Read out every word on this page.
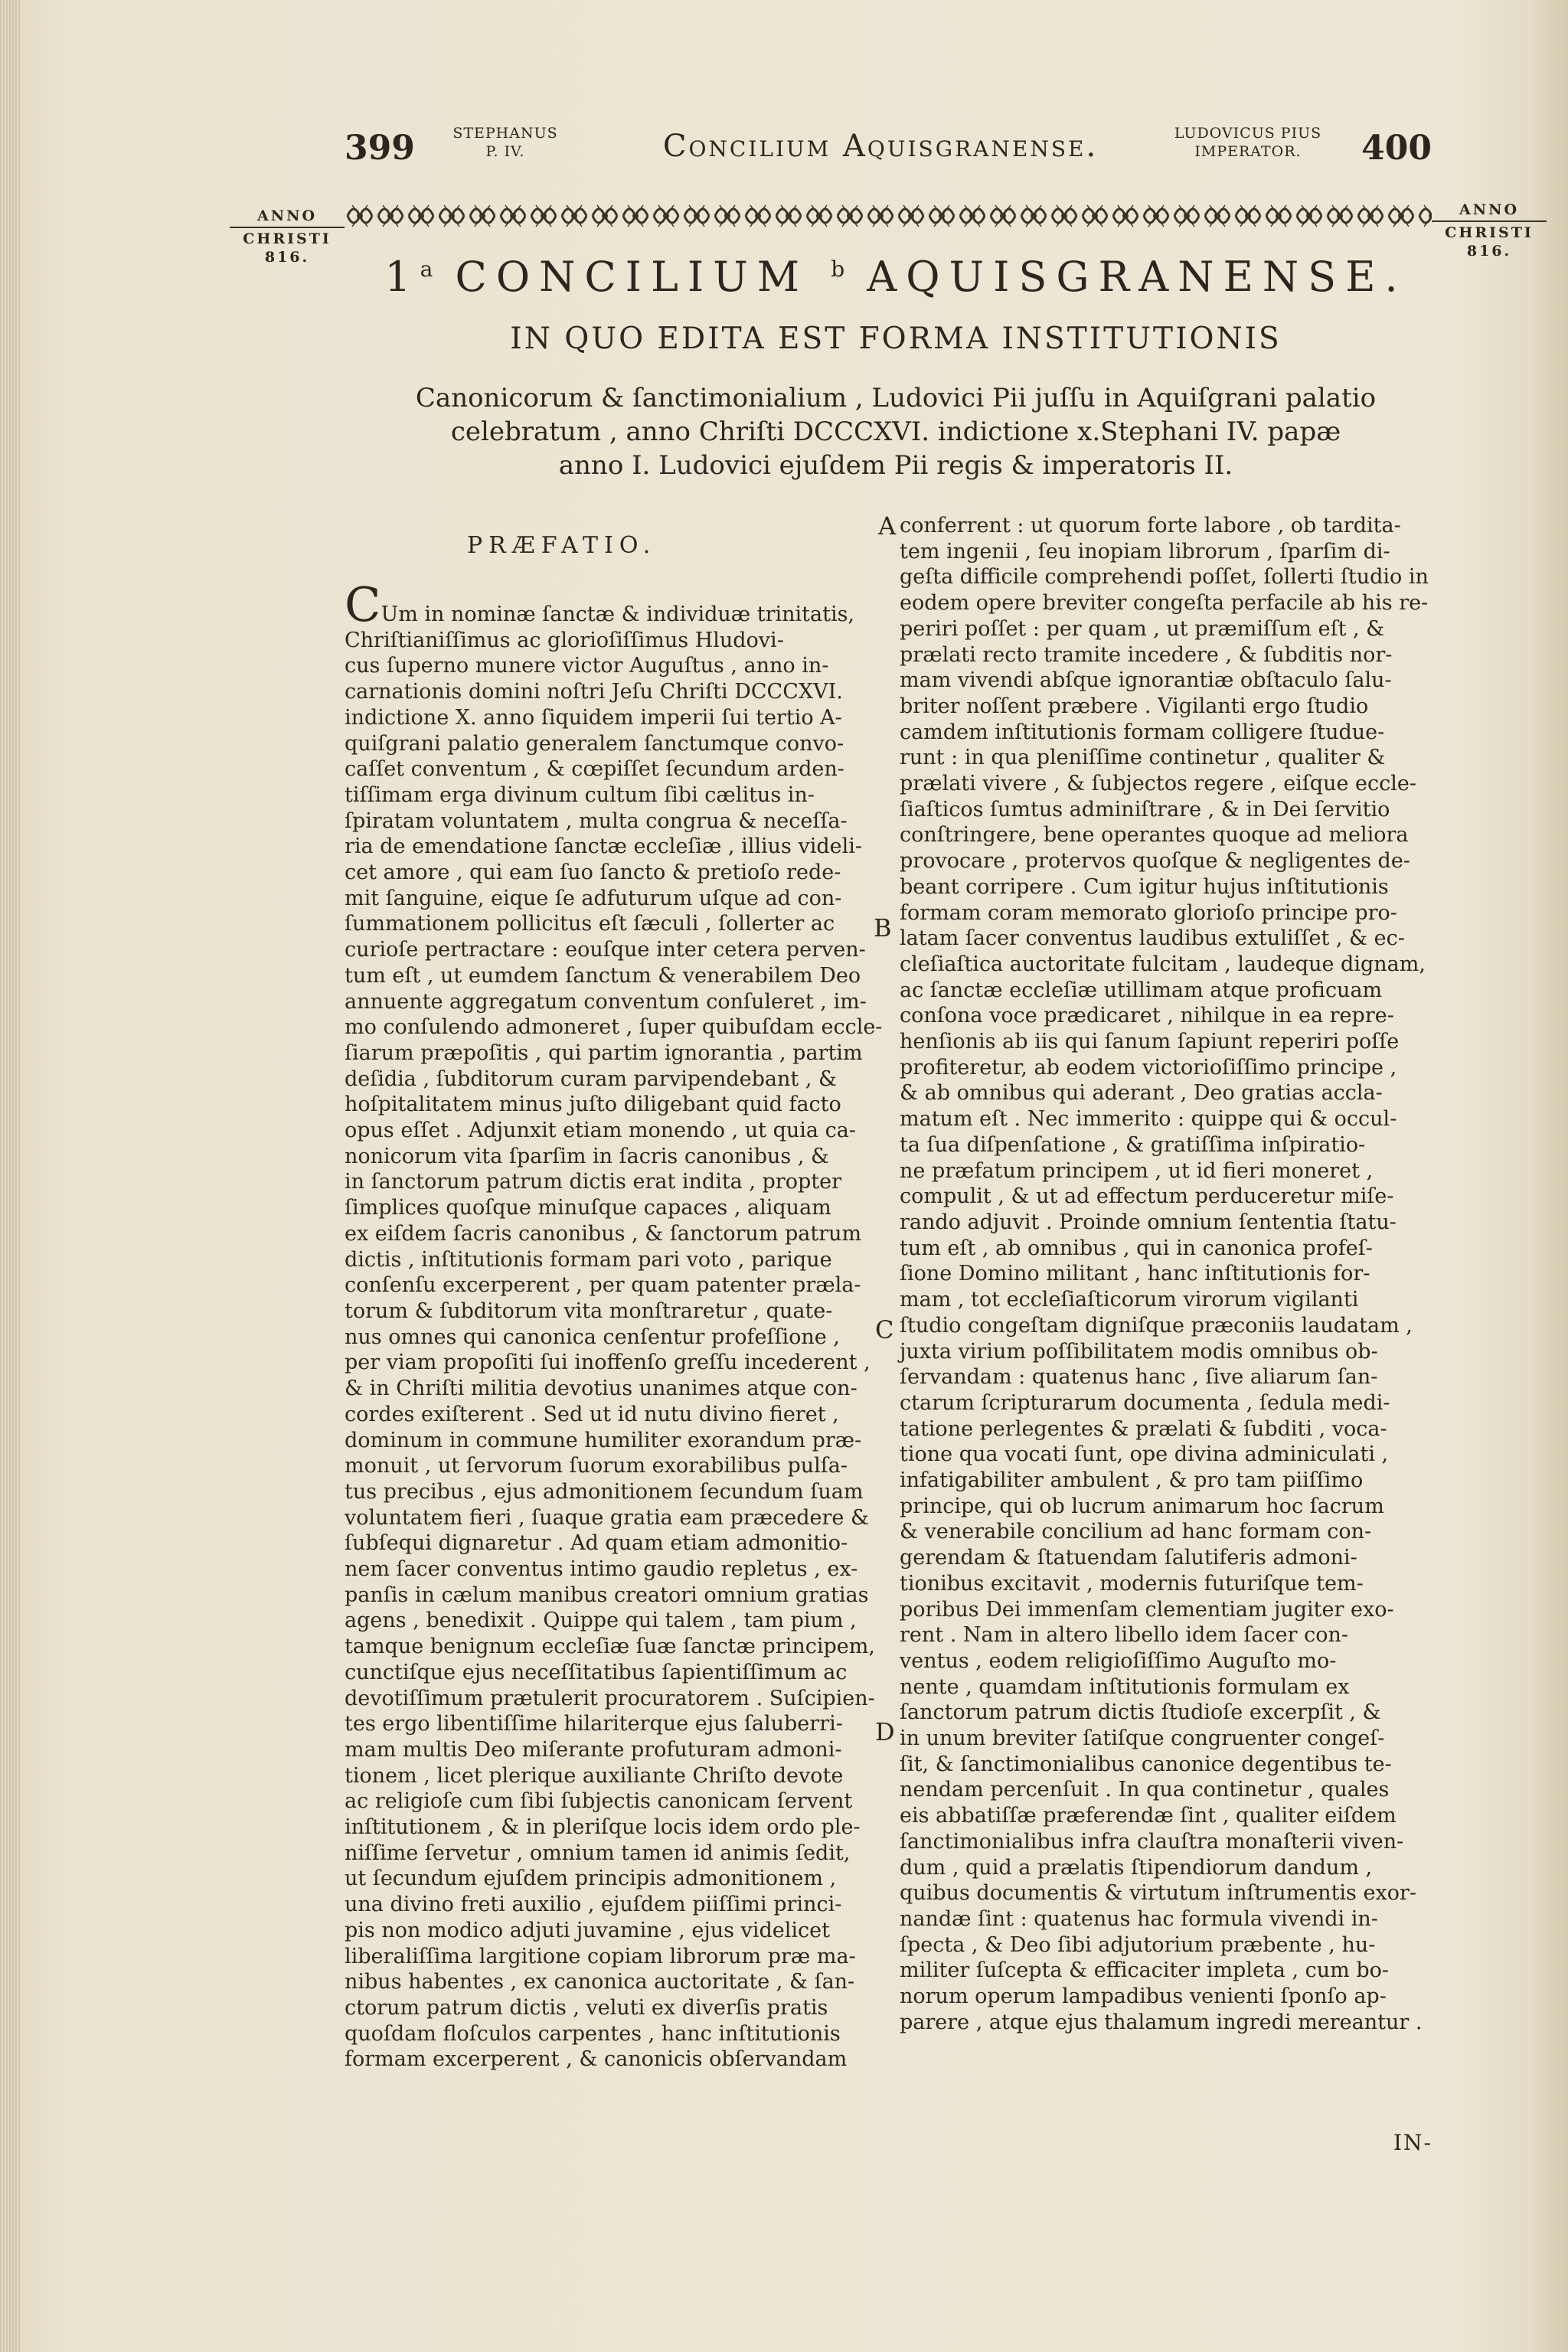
399	STEPHANUS
P. IV.	Concilium Aquisgranense.	LUDOVICUS PIUS
IMPERATOR.	400
ANNO
CHRISTI
816.
ANNO
CHRISTI
816.
1$^a$ CONCILIUM $^b$ AQUISGRANENSE.
IN QUO EDITA EST FORMA INSTITUTIONIS
Canonicorum & ſanctimonialium , Ludovici Pii juſſu in Aquiſgrani palatio
celebratum , anno Chriſti DCCCXVI. indictione x.Stephani IV. papæ
anno I. Ludovici ejuſdem Pii regis & imperatoris II.
PRÆFATIO.
CUm in nominæ ſanctæ & individuæ trinitatis,
Chriſtianiſſimus ac glorioſiſſimus Hludovi-
cus ſuperno munere victor Auguſtus , anno in-
carnationis domini noſtri Jeſu Chriſti DCCCXVI.
indictione X. anno ſiquidem imperii ſui tertio A-
quiſgrani palatio generalem ſanctumque convo-
caſſet conventum , & cœpiſſet ſecundum arden-
tiſſimam erga divinum cultum ſibi cælitus in-
ſpiratam voluntatem , multa congrua & neceſſa-
ria de emendatione ſanctæ eccleſiæ , illius videli-
cet amore , qui eam ſuo ſancto & pretioſo rede-
mit ſanguine, eique ſe adfuturum uſque ad con-
ſummationem pollicitus eſt ſæculi , ſollerter ac
curioſe pertractare : eouſque inter cetera perven-
tum eſt , ut eumdem ſanctum & venerabilem Deo
annuente aggregatum conventum conſuleret , im-
mo conſulendo admoneret , ſuper quibuſdam eccle-
ſiarum præpoſitis , qui partim ignorantia , partim
deſidia , ſubditorum curam parvipendebant , &
hoſpitalitatem minus juſto diligebant quid facto
opus eſſet . Adjunxit etiam monendo , ut quia ca-
nonicorum vita ſparſim in ſacris canonibus , &
in ſanctorum patrum dictis erat indita , propter
ſimplices quoſque minuſque capaces , aliquam
ex eiſdem ſacris canonibus , & ſanctorum patrum
dictis , inſtitutionis formam pari voto , parique
conſenſu excerperent , per quam patenter præla-
torum & ſubditorum vita monſtraretur , quate-
nus omnes qui canonica cenſentur profeſſione ,
per viam propoſiti ſui inoffenſo greſſu incederent ,
& in Chriſti militia devotius unanimes atque con-
cordes exiſterent . Sed ut id nutu divino fieret ,
dominum in commune humiliter exorandum præ-
monuit , ut ſervorum ſuorum exorabilibus pulſa-
tus precibus , ejus admonitionem ſecundum ſuam
voluntatem fieri , ſuaque gratia eam præcedere &
ſubſequi dignaretur . Ad quam etiam admonitio-
nem ſacer conventus intimo gaudio repletus , ex-
panſis in cælum manibus creatori omnium gratias
agens , benedixit . Quippe qui talem , tam pium ,
tamque benignum eccleſiæ ſuæ ſanctæ principem,
cunctiſque ejus neceſſitatibus ſapientiſſimum ac
devotiſſimum prætulerit procuratorem . Suſcipien-
tes ergo libentiſſime hilariterque ejus ſaluberri-
mam multis Deo miſerante profuturam admoni-
tionem , licet plerique auxiliante Chriſto devote
ac religioſe cum ſibi ſubjectis canonicam ſervent
inſtitutionem , & in pleriſque locis idem ordo ple-
niſſime ſervetur , omnium tamen id animis ſedit,
ut ſecundum ejuſdem principis admonitionem ,
una divino freti auxilio , ejuſdem piiſſimi princi-
pis non modico adjuti juvamine , ejus videlicet
liberaliſſima largitione copiam librorum præ ma-
nibus habentes , ex canonica auctoritate , & ſan-
ctorum patrum dictis , veluti ex diverſis pratis
quoſdam floſculos carpentes , hanc inſtitutionis
formam excerperent , & canonicis obſervandam
conferrent : ut quorum forte labore , ob tardita-
tem ingenii , ſeu inopiam librorum , ſparſim di-
geſta difficile comprehendi poſſet, ſollerti ſtudio in
eodem opere breviter congeſta perfacile ab his re-
periri poſſet : per quam , ut præmiſſum eſt , &
prælati recto tramite incedere , & ſubditis nor-
mam vivendi abſque ignorantiæ obſtaculo ſalu-
briter noſſent præbere . Vigilanti ergo ſtudio
camdem inſtitutionis formam colligere ſtudue-
runt : in qua pleniſſime continetur , qualiter &
prælati vivere , & ſubjectos regere , eiſque eccle-
ſiaſticos ſumtus adminiſtrare , & in Dei ſervitio
conſtringere, bene operantes quoque ad meliora
provocare , protervos quoſque & negligentes de-
beant corripere . Cum igitur hujus inſtitutionis
formam coram memorato glorioſo principe pro-
latam ſacer conventus laudibus extuliſſet , & ec-
cleſiaſtica auctoritate fulcitam , laudeque dignam,
ac ſanctæ eccleſiæ utillimam atque proficuam
conſona voce prædicaret , nihilque in ea repre-
henſionis ab iis qui ſanum ſapiunt reperiri poſſe
profiteretur, ab eodem victorioſiſſimo principe ,
& ab omnibus qui aderant , Deo gratias accla-
matum eſt . Nec immerito : quippe qui & occul-
ta ſua diſpenſatione , & gratiſſima inſpiratio-
ne præfatum principem , ut id fieri moneret ,
compulit , & ut ad effectum perduceretur miſe-
rando adjuvit . Proinde omnium ſententia ſtatu-
tum eſt , ab omnibus , qui in canonica profeſ-
ſione Domino militant , hanc inſtitutionis for-
mam , tot eccleſiaſticorum virorum vigilanti
ſtudio congeſtam digniſque præconiis laudatam ,
juxta virium poſſibilitatem modis omnibus ob-
ſervandam : quatenus hanc , ſive aliarum ſan-
ctarum ſcripturarum documenta , ſedula medi-
tatione perlegentes & prælati & ſubditi , voca-
tione qua vocati ſunt, ope divina adminiculati ,
infatigabiliter ambulent , & pro tam piiſſimo
principe, qui ob lucrum animarum hoc ſacrum
& venerabile concilium ad hanc formam con-
gerendam & ſtatuendam ſalutiferis admoni-
tionibus excitavit , modernis futuriſque tem-
poribus Dei immenſam clementiam jugiter exo-
rent . Nam in altero libello idem ſacer con-
ventus , eodem religioſiſſimo Auguſto mo-
nente , quamdam inſtitutionis formulam ex
ſanctorum patrum dictis ſtudioſe excerpſit , &
in unum breviter ſatiſque congruenter congeſ-
ſit, & ſanctimonialibus canonice degentibus te-
nendam percenſuit . In qua continetur , quales
eis abbatiſſæ præferendæ ſint , qualiter eiſdem
ſanctimonialibus infra clauſtra monaſterii viven-
dum , quid a prælatis ſtipendiorum dandum ,
quibus documentis & virtutum inſtrumentis exor-
nandæ ſint : quatenus hac formula vivendi in-
ſpecta , & Deo ſibi adjutorium præbente , hu-
militer ſuſcepta & efficaciter impleta , cum bo-
norum operum lampadibus venienti ſponſo ap-
parere , atque ejus thalamum ingredi mereantur .
A
B
C
D
IN-
